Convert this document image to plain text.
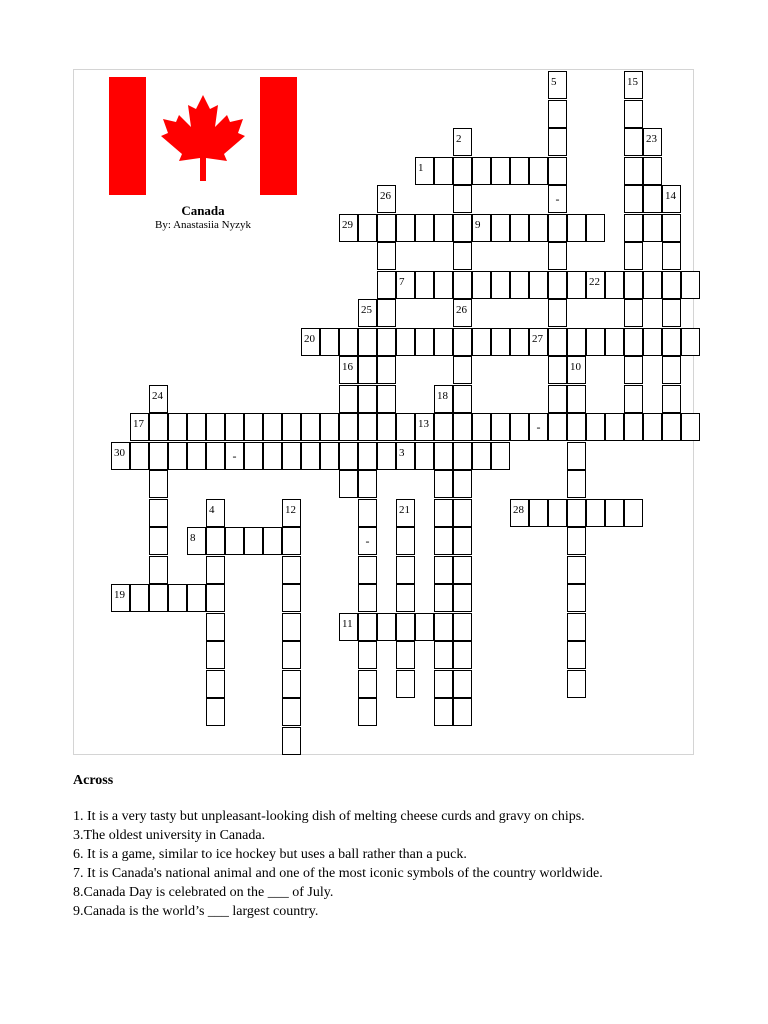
Canada
By: Anastasiia Nyzyk
1
29	9
7	22
20	27
17	13	-
30	-	3
28
8
19
11
5
-
15
2
26
23
26	14
25
-
16	10
24	18
4	12	21
Across
1. It is a very tasty but unpleasant-looking dish of melting cheese curds and gravy on chips.
3.The oldest university in Canada.
6. It is a game, similar to ice hockey but uses a ball rather than a puck.
7. It is Canada's national animal and one of the most iconic symbols of the country worldwide.
8.Canada Day is celebrated on the ___ of July.
9.Canada is the world’s ___ largest country.
